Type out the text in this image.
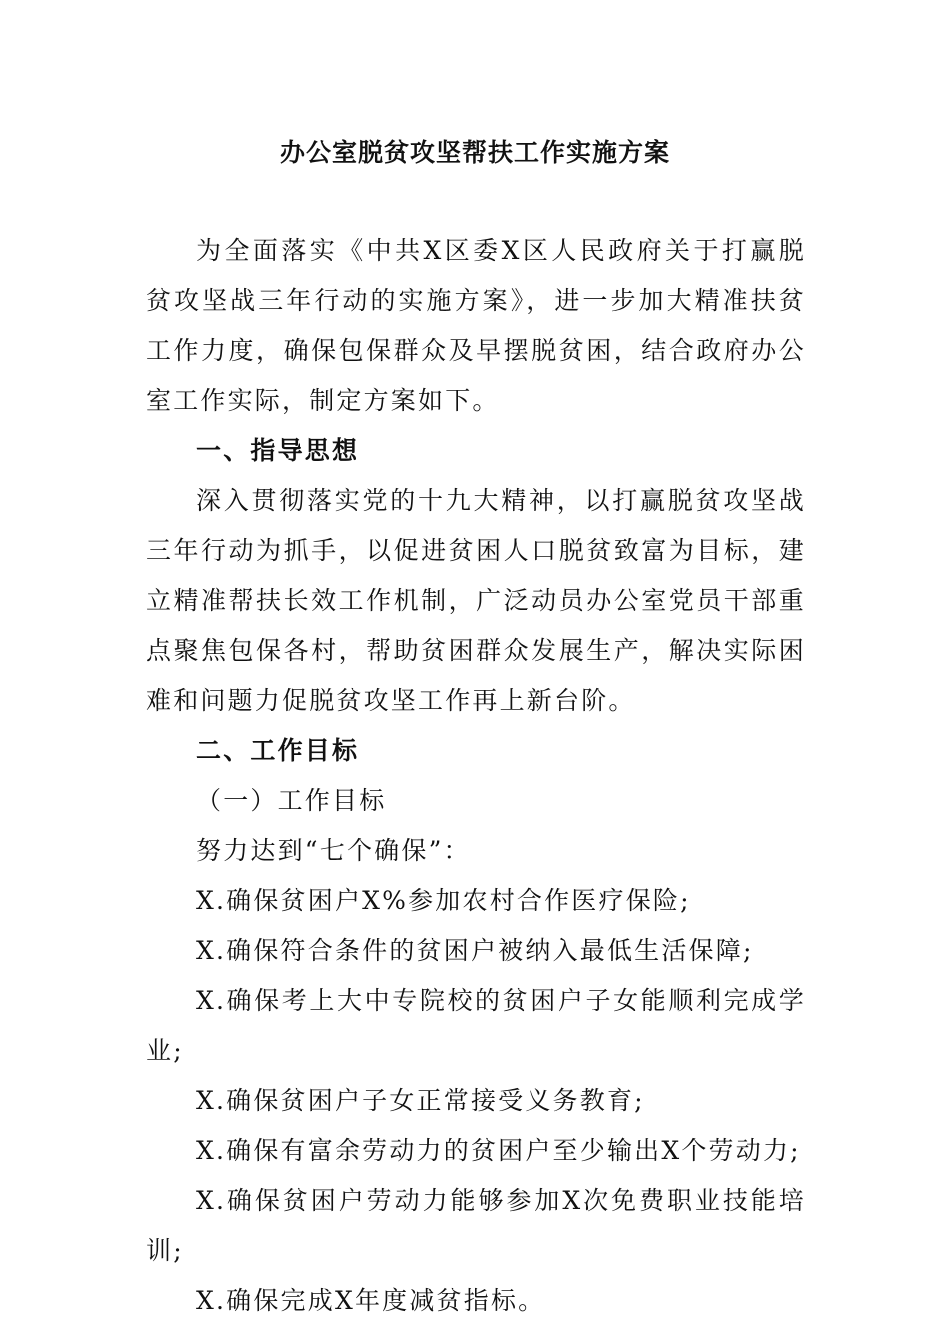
办公室脱贫攻坚帮扶工作实施方案

为全面落实《中共X区委X区人民政府关于打赢脱贫攻坚战三年行动的实施方案》，进一步加大精准扶贫工作力度，确保包保群众及早摆脱贫困，结合政府办公室工作实际，制定方案如下。

一、指导思想

深入贯彻落实党的十九大精神，以打赢脱贫攻坚战三年行动为抓手，以促进贫困人口脱贫致富为目标，建立精准帮扶长效工作机制，广泛动员办公室党员干部重点聚焦包保各村，帮助贫困群众发展生产，解决实际困难和问题力促脱贫攻坚工作再上新台阶。

二、工作目标

（一）工作目标

努力达到“七个确保”：

X.确保贫困户X%参加农村合作医疗保险;

X.确保符合条件的贫困户被纳入最低生活保障;

X.确保考上大中专院校的贫困户子女能顺利完成学业;

X.确保贫困户子女正常接受义务教育;

X.确保有富余劳动力的贫困户至少输出X个劳动力;

X.确保贫困户劳动力能够参加X次免费职业技能培训;

X.确保完成X年度减贫指标。
